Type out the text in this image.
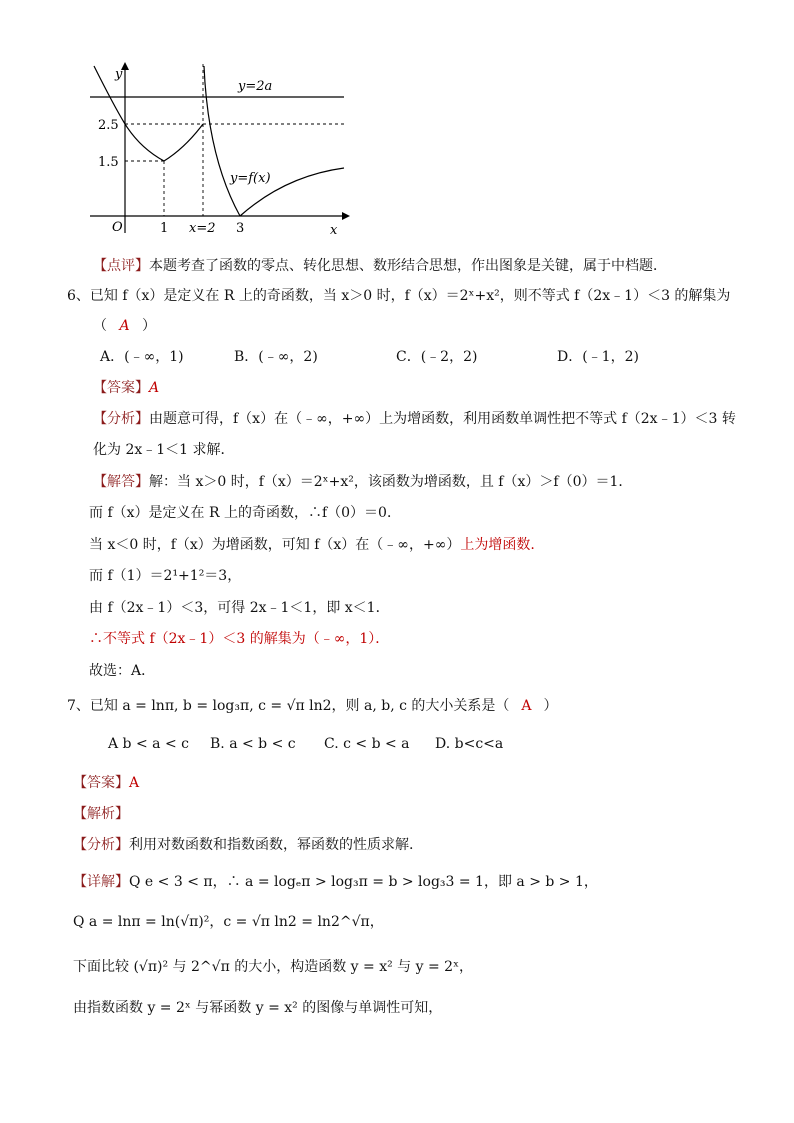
y
x
O
2.5
1.5
1 x=2 3
y=2a
y=f(x)
【点评】本题考查了函数的零点、转化思想、数形结合思想，作出图象是关键，属于中档题．
6、已知 f（x）是定义在 R 上的奇函数，当 x＞0 时，f（x）＝2ˣ+x²，则不等式 f（2x﹣1）＜3 的解集为
（ A ）
A．(﹣∞，1)	B．(﹣∞，2)	C．(﹣2，2)	D．(﹣1，2)
【答案】A
【分析】由题意可得，f（x）在（﹣∞，+∞）上为增函数，利用函数单调性把不等式 f（2x﹣1）＜3 转
化为 2x﹣1＜1 求解．
【解答】解：当 x＞0 时，f（x）＝2ˣ+x²，该函数为增函数，且 f（x）＞f（0）＝1．
而 f（x）是定义在 R 上的奇函数，∴f（0）＝0．
当 x＜0 时，f（x）为增函数，可知 f（x）在（﹣∞，+∞）上为增函数.
而 f（1）＝2¹+1²＝3，
由 f（2x﹣1）＜3，可得 2x﹣1＜1，即 x＜1．
∴不等式 f（2x﹣1）＜3 的解集为（﹣∞，1）．
故选：A．
7、已知 a = lnπ, b = log₃π, c = √π ln2，则 a, b, c 的大小关系是（ A ）
A b < a < c B. a < b < c C. c < b < a D. b<c<a
【答案】A
【解析】
【分析】利用对数函数和指数函数，幂函数的性质求解.
【详解】Q e < 3 < π，∴ a = logₑπ > log₃π = b > log₃3 = 1，即 a > b > 1，
Q a = lnπ = ln(√π)²，c = √π ln2 = ln2^√π，
下面比较 (√π)² 与 2^√π 的大小，构造函数 y = x² 与 y = 2ˣ，
由指数函数 y = 2ˣ 与幂函数 y = x² 的图像与单调性可知，
